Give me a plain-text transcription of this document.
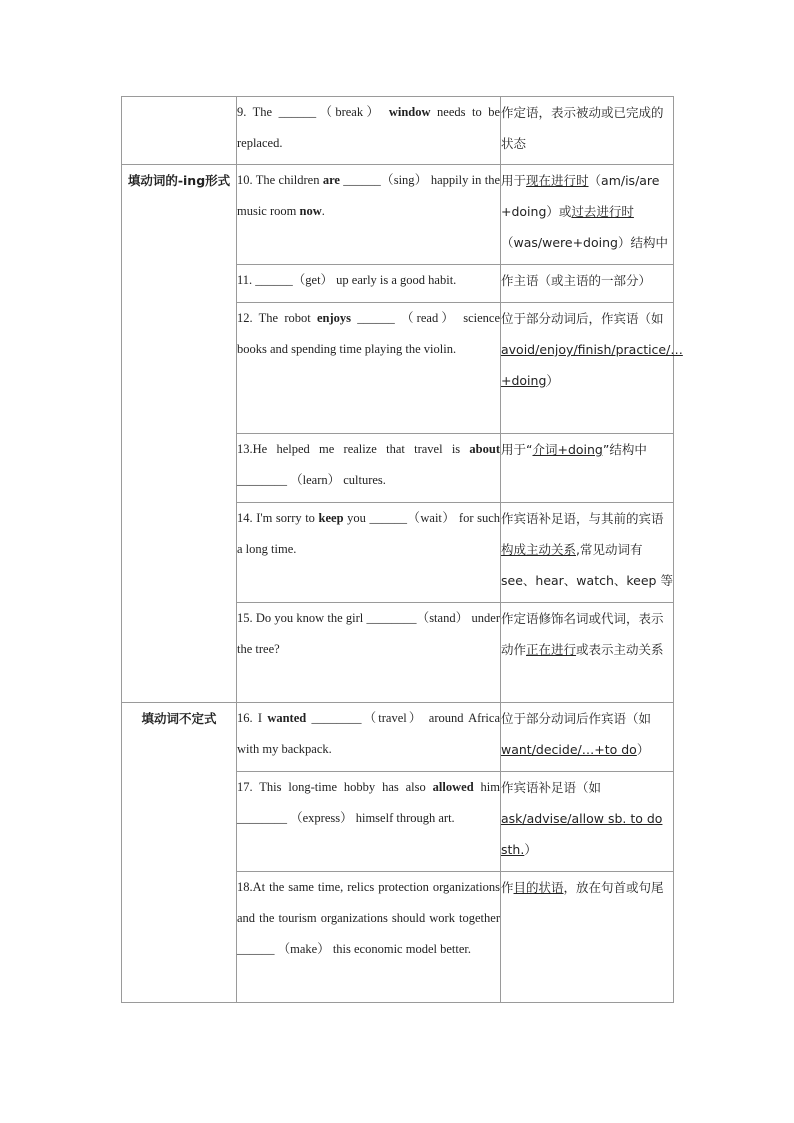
	9. The ______（break） window needs to be replaced.	作定语，表示被动或已完成的状态
填动词的-ing形式	10. The children are ______（sing） happily in the music room now.	用于现在进行时（am/is/are +doing）或过去进行时（was/were+doing）结构中
	11. ______（get） up early is a good habit.	作主语（或主语的一部分）
	12. The robot enjoys ______ （read） science books and spending time playing the violin.	位于部分动词后，作宾语（如 avoid/enjoy/finish/practice/…+doing）
	13.He helped me realize that travel is about ________ （learn） cultures.	用于“介词+doing”结构中
	14. I'm sorry to keep you ______（wait） for such a long time.	作宾语补足语，与其前的宾语构成主动关系,常见动词有 see、hear、watch、keep 等
	15. Do you know the girl ________（stand） under the tree?	作定语修饰名词或代词，表示动作正在进行或表示主动关系
填动词不定式	16. I wanted ________（travel） around Africa with my backpack.	位于部分动词后作宾语（如 want/decide/…+to do）
	17. This long-time hobby has also allowed him ________ （express） himself through art.	作宾语补足语（如 ask/advise/allow sb. to do sth.）
	18.At the same time, relics protection organizations and the tourism organizations should work together ______ （make） this economic model better.	作目的状语，放在句首或句尾
